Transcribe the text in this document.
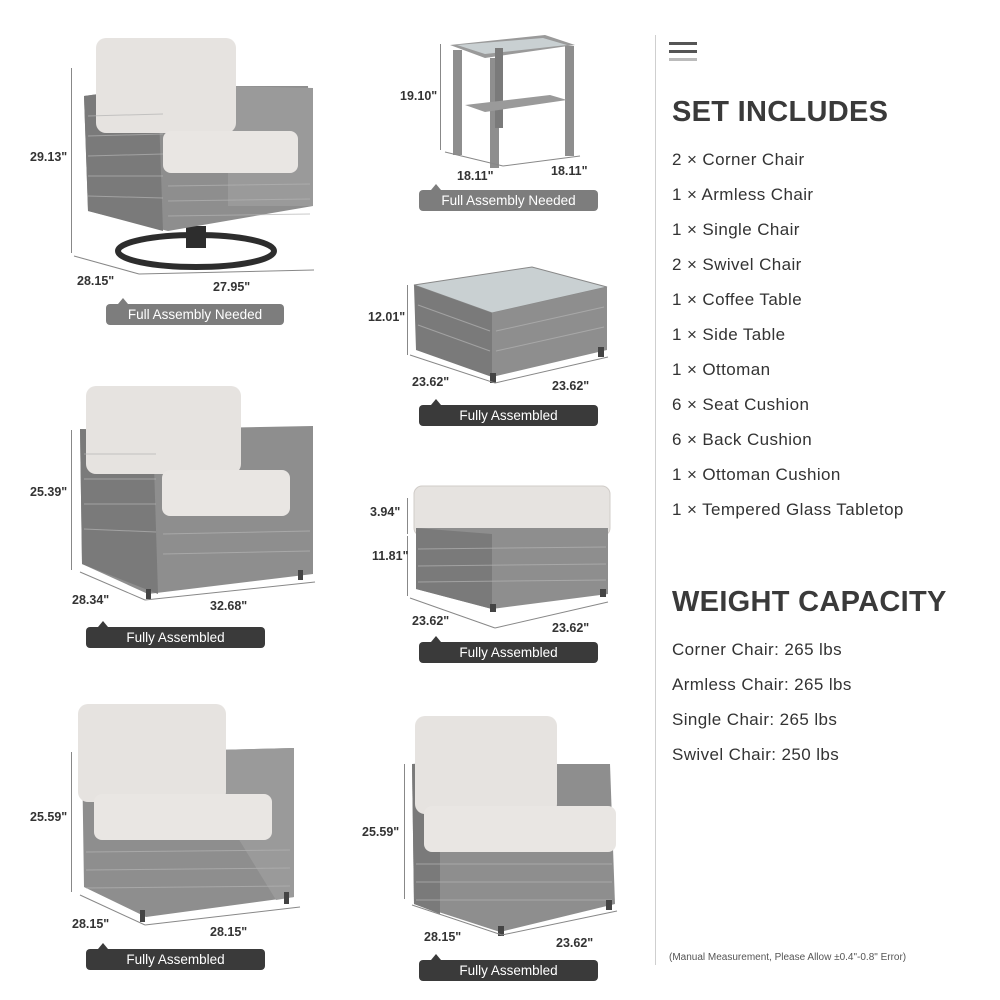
29.13"
28.15"	27.95"
Full Assembly Needed
25.39"
28.34"	32.68"
Fully Assembled
25.59"
28.15"
28.15"
Fully Assembled
19.10"
18.11"	18.11"
Full Assembly Needed
12.01"
23.62"	23.62"
Fully Assembled
3.94"
11.81"
23.62"	23.62"
Fully Assembled
25.59"
28.15"	23.62"
Fully Assembled
SET INCLUDES
2 × Corner Chair
1 × Armless Chair
1 × Single Chair
2 × Swivel Chair
1 × Coffee Table
1 × Side Table
1 × Ottoman
6 × Seat Cushion
6 × Back Cushion
1 × Ottoman Cushion
1 × Tempered Glass Tabletop
WEIGHT CAPACITY
Corner Chair: 265 lbs
Armless Chair: 265 lbs
Single Chair: 265 lbs
Swivel Chair: 250 lbs
(Manual Measurement, Please Allow ±0.4"-0.8" Error)
